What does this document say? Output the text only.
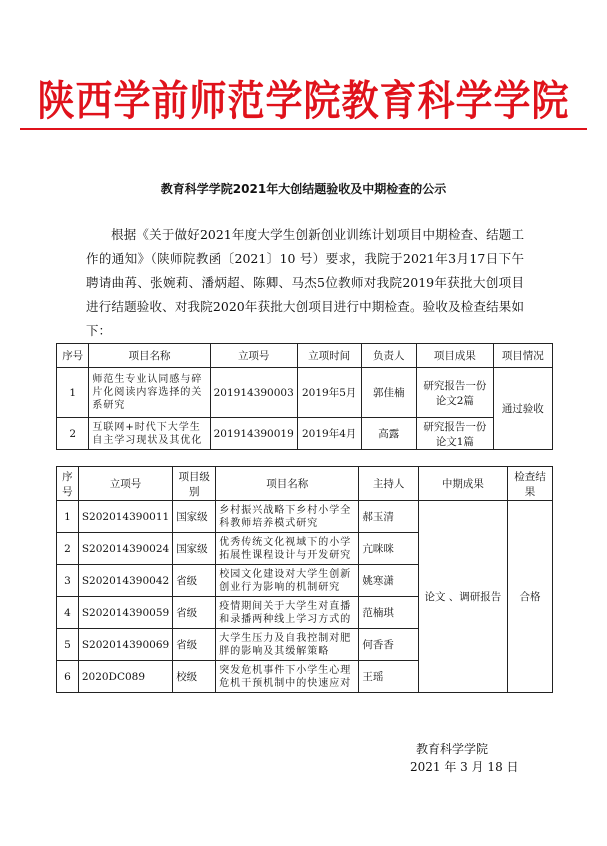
陕西学前师范学院教育科学学院
教育科学学院2021年大创结题验收及中期检查的公示
根据《关于做好2021年度大学生创新创业训练计划项目中期检查、结题工作的通知》（陕师院教函〔2021〕10 号）要求，我院于2021年3月17日下午聘请曲苒、张婉莉、潘炳超、陈卿、马杰5位教师对我院2019年获批大创项目进行结题验收、对我院2020年获批大创项目进行中期检查。验收及检查结果如下：
序号	项目名称	立项号	立项时间	负责人	项目成果	项目情况
1	师范生专业认同感与碎片化阅读内容选择的关系研究	201914390003	2019年5月	郭佳楠	研究报告一份论文2篇	通过验收
2	互联网+时代下大学生自主学习现状及其优化	201914390019	2019年4月	高露	研究报告一份论文1篇	
序号	立项号	项目级别	项目名称	主持人	中期成果	检查结果
1	S202014390011	国家级	乡村振兴战略下乡村小学全科教师培养模式研究	郝玉清	论文 、调研报告	合格
2	S202014390024	国家级	优秀传统文化视域下的小学拓展性课程设计与开发研究	亢咪咪		
3	S202014390042	省级	校园文化建设对大学生创新创业行为影响的机制研究	姚寒潇		
4	S202014390059	省级	疫情期间关于大学生对直播和录播两种线上学习方式的	范楠琪		
5	S202014390069	省级	大学生压力及自我控制对肥胖的影响及其缓解策略	何香香		
6	2020DC089	校级	突发危机事件下小学生心理危机干预机制中的快速应对	王瑶		
教育科学学院
2021 年 3 月 18 日
